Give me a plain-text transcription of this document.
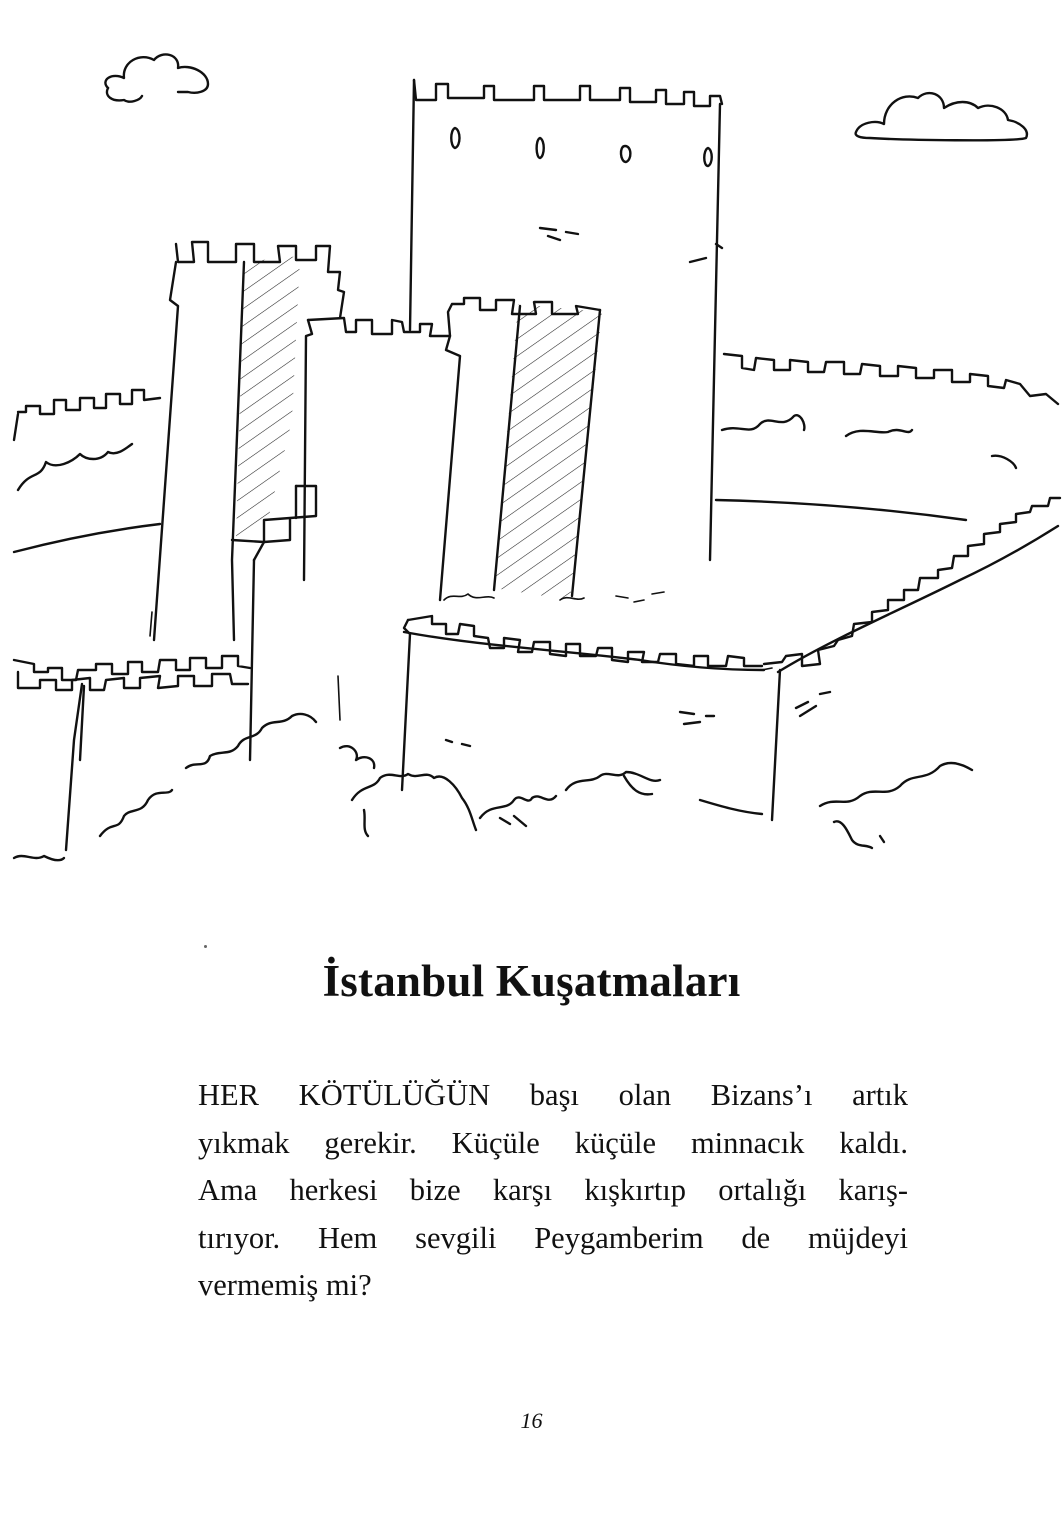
İstanbul Kuşatmaları
HER KÖTÜLÜĞÜN başı olan Bizans’ı artık
yıkmak gerekir. Küçüle küçüle minnacık kaldı.
Ama herkesi bize karşı kışkırtıp ortalığı karış-
tırıyor. Hem sevgili Peygamberim de müjdeyi
vermemiş mi?
16
